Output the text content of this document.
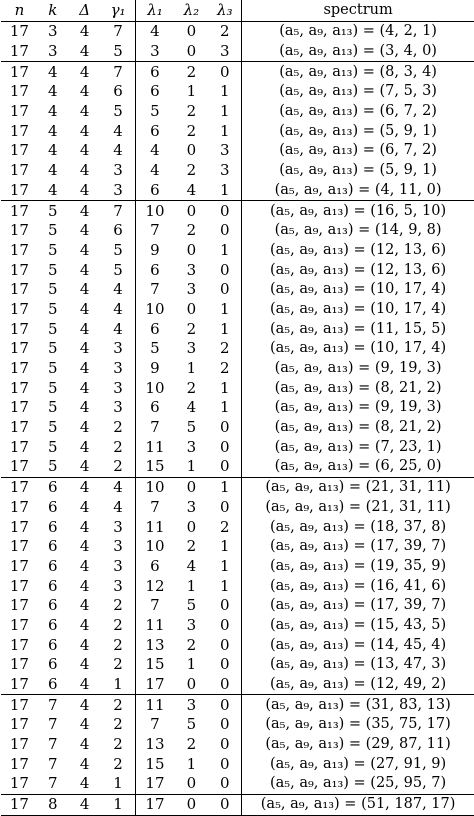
n	k	Δ	γ₁	λ₁	λ₂	λ₃	spectrum
17	3	4	7	4	0	2	(a₅, a₉, a₁₃) = (4, 2, 1)
17	3	4	5	3	0	3	(a₅, a₉, a₁₃) = (3, 4, 0)
17	4	4	7	6	2	0	(a₅, a₉, a₁₃) = (8, 3, 4)
17	4	4	6	6	1	1	(a₅, a₉, a₁₃) = (7, 5, 3)
17	4	4	5	5	2	1	(a₅, a₉, a₁₃) = (6, 7, 2)
17	4	4	4	6	2	1	(a₅, a₉, a₁₃) = (5, 9, 1)
17	4	4	4	4	0	3	(a₅, a₉, a₁₃) = (6, 7, 2)
17	4	4	3	4	2	3	(a₅, a₉, a₁₃) = (5, 9, 1)
17	4	4	3	6	4	1	(a₅, a₉, a₁₃) = (4, 11, 0)
17	5	4	7	10	0	0	(a₅, a₉, a₁₃) = (16, 5, 10)
17	5	4	6	7	2	0	(a₅, a₉, a₁₃) = (14, 9, 8)
17	5	4	5	9	0	1	(a₅, a₉, a₁₃) = (12, 13, 6)
17	5	4	5	6	3	0	(a₅, a₉, a₁₃) = (12, 13, 6)
17	5	4	4	7	3	0	(a₅, a₉, a₁₃) = (10, 17, 4)
17	5	4	4	10	0	1	(a₅, a₉, a₁₃) = (10, 17, 4)
17	5	4	4	6	2	1	(a₅, a₉, a₁₃) = (11, 15, 5)
17	5	4	3	5	3	2	(a₅, a₉, a₁₃) = (10, 17, 4)
17	5	4	3	9	1	2	(a₅, a₉, a₁₃) = (9, 19, 3)
17	5	4	3	10	2	1	(a₅, a₉, a₁₃) = (8, 21, 2)
17	5	4	3	6	4	1	(a₅, a₉, a₁₃) = (9, 19, 3)
17	5	4	2	7	5	0	(a₅, a₉, a₁₃) = (8, 21, 2)
17	5	4	2	11	3	0	(a₅, a₉, a₁₃) = (7, 23, 1)
17	5	4	2	15	1	0	(a₅, a₉, a₁₃) = (6, 25, 0)
17	6	4	4	10	0	1	(a₅, a₉, a₁₃) = (21, 31, 11)
17	6	4	4	7	3	0	(a₅, a₉, a₁₃) = (21, 31, 11)
17	6	4	3	11	0	2	(a₅, a₉, a₁₃) = (18, 37, 8)
17	6	4	3	10	2	1	(a₅, a₉, a₁₃) = (17, 39, 7)
17	6	4	3	6	4	1	(a₅, a₉, a₁₃) = (19, 35, 9)
17	6	4	3	12	1	1	(a₅, a₉, a₁₃) = (16, 41, 6)
17	6	4	2	7	5	0	(a₅, a₉, a₁₃) = (17, 39, 7)
17	6	4	2	11	3	0	(a₅, a₉, a₁₃) = (15, 43, 5)
17	6	4	2	13	2	0	(a₅, a₉, a₁₃) = (14, 45, 4)
17	6	4	2	15	1	0	(a₅, a₉, a₁₃) = (13, 47, 3)
17	6	4	1	17	0	0	(a₅, a₉, a₁₃) = (12, 49, 2)
17	7	4	2	11	3	0	(a₅, a₉, a₁₃) = (31, 83, 13)
17	7	4	2	7	5	0	(a₅, a₉, a₁₃) = (35, 75, 17)
17	7	4	2	13	2	0	(a₅, a₉, a₁₃) = (29, 87, 11)
17	7	4	2	15	1	0	(a₅, a₉, a₁₃) = (27, 91, 9)
17	7	4	1	17	0	0	(a₅, a₉, a₁₃) = (25, 95, 7)
17	8	4	1	17	0	0	(a₅, a₉, a₁₃) = (51, 187, 17)
